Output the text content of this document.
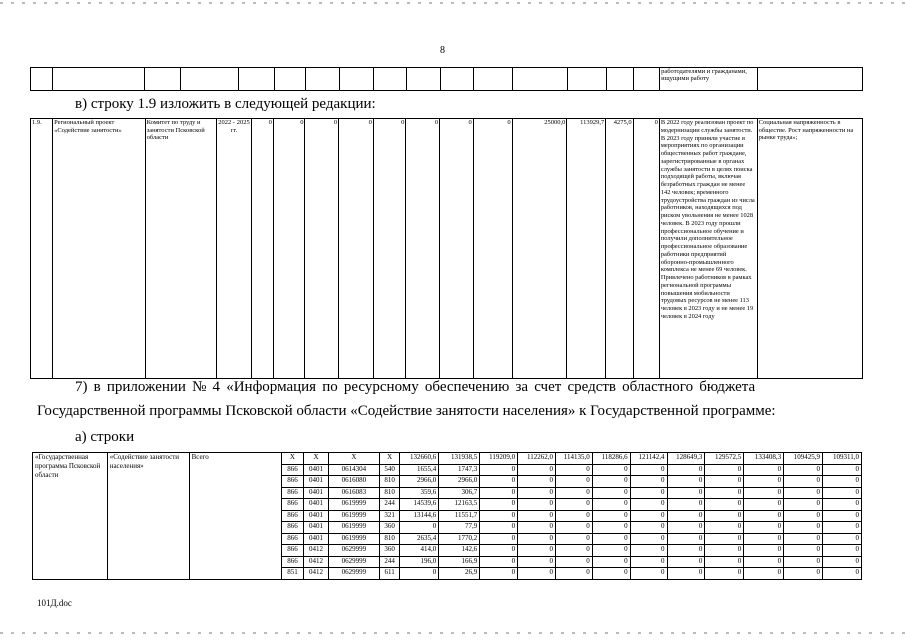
8
																работодателями и гражданами, ищущими работу	
в) строку 1.9 изложить в следующей редакции:
1.9.	Региональный проект «Содействие занятости»	Комитет по труду и занятости Псковской области	2022 - 2025 гг.	0	0	0	0	0	0	0	0	25000,0	113929,7	4275,0	0	В 2022 году реализован проект по модернизации службы занятости. В 2023 году приняли участие в мероприятиях по организации общественных работ граждане, зарегистрированные в органах службы занятости в целях поиска подходящей работы, включая безработных граждан не менее 142 человек; временного трудоустройства граждан из числа работников, находящихся под риском увольнения не менее 1028 человек. В 2023 году прошли профессиональное обучение и получили дополнительное профессиональное образование работники предприятий оборонно-промышленного комплекса не менее 69 человек. Привлечено работников в рамках региональной программы повышения мобильности трудовых ресурсов не менее 113 человек в 2023 году и не менее 19 человек в 2024 году	Социальная напряженность в обществе. Рост напряженности на рынке труда»;
7) в приложении № 4 «Информация по ресурсному обеспечению за счет средств областного бюджета
Государственной программы Псковской области «Содействие занятости населения» к Государственной программе:
а) строки
«Государственная программа Псковской области	«Содействие занятости населения»	Всего	X	X	X	X	132660,6	131938,5	119209,0	112262,0	114135,0	118286,6	121142,4	128649,3	129572,5	133408,3	109425,9	109311,0
			866	0401	0614304	540	1655,4	1747,3	0	0	0	0	0	0	0	0	0	0
			866	0401	0616080	810	2966,0	2966,0	0	0	0	0	0	0	0	0	0	0
			866	0401	0616083	810	359,6	306,7	0	0	0	0	0	0	0	0	0	0
			866	0401	0619999	244	14539,6	12163,5	0	0	0	0	0	0	0	0	0	0
			866	0401	0619999	321	13144,6	11551,7	0	0	0	0	0	0	0	0	0	0
			866	0401	0619999	360	0	77,9	0	0	0	0	0	0	0	0	0	0
			866	0401	0619999	810	2635,4	1770,2	0	0	0	0	0	0	0	0	0	0
			866	0412	0629999	360	414,0	142,6	0	0	0	0	0	0	0	0	0	0
			866	0412	0629999	244	196,0	166,9	0	0	0	0	0	0	0	0	0	0
			851	0412	0629999	611	0	26,9	0	0	0	0	0	0	0	0	0	0
101Д.doc
